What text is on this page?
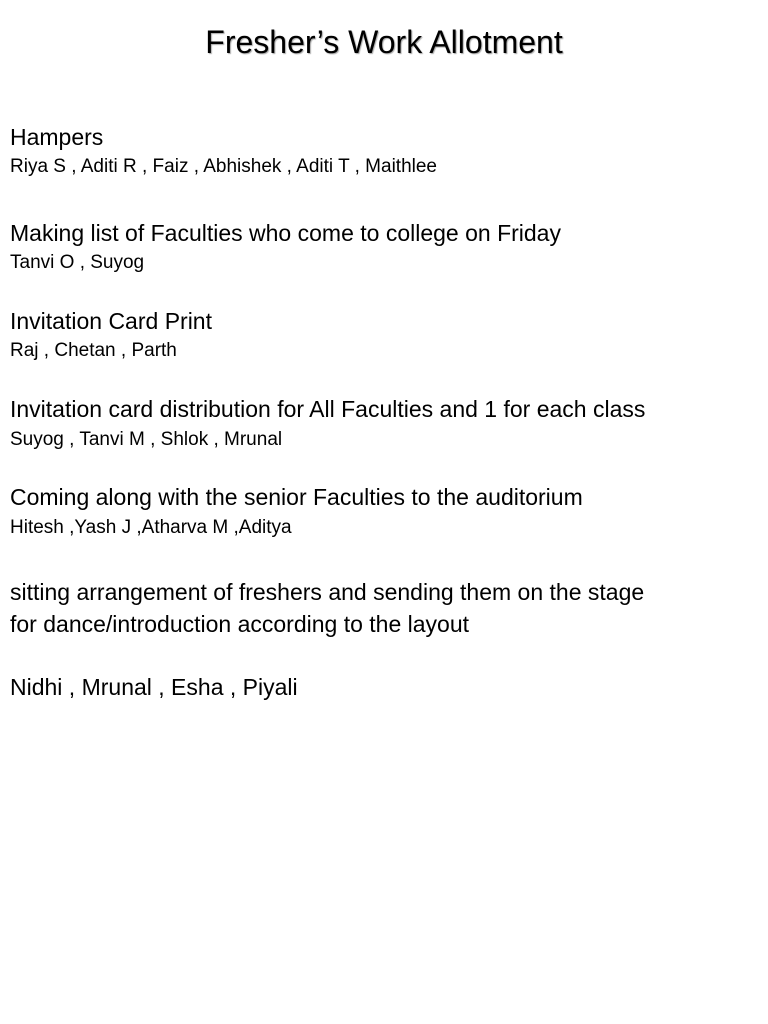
Fresher’s Work Allotment
Hampers
Riya S , Aditi R , Faiz , Abhishek , Aditi T , Maithlee
Making list of Faculties who come to college on Friday
Tanvi O , Suyog
Invitation Card Print
Raj , Chetan , Parth
Invitation card distribution for All Faculties and 1 for each class
Suyog , Tanvi M , Shlok , Mrunal
Coming along with the senior Faculties to the auditorium
Hitesh ,Yash J ,Atharva M ,Aditya
sitting arrangement of freshers and sending them on the stage
for dance/introduction according to the layout
Nidhi , Mrunal , Esha , Piyali
